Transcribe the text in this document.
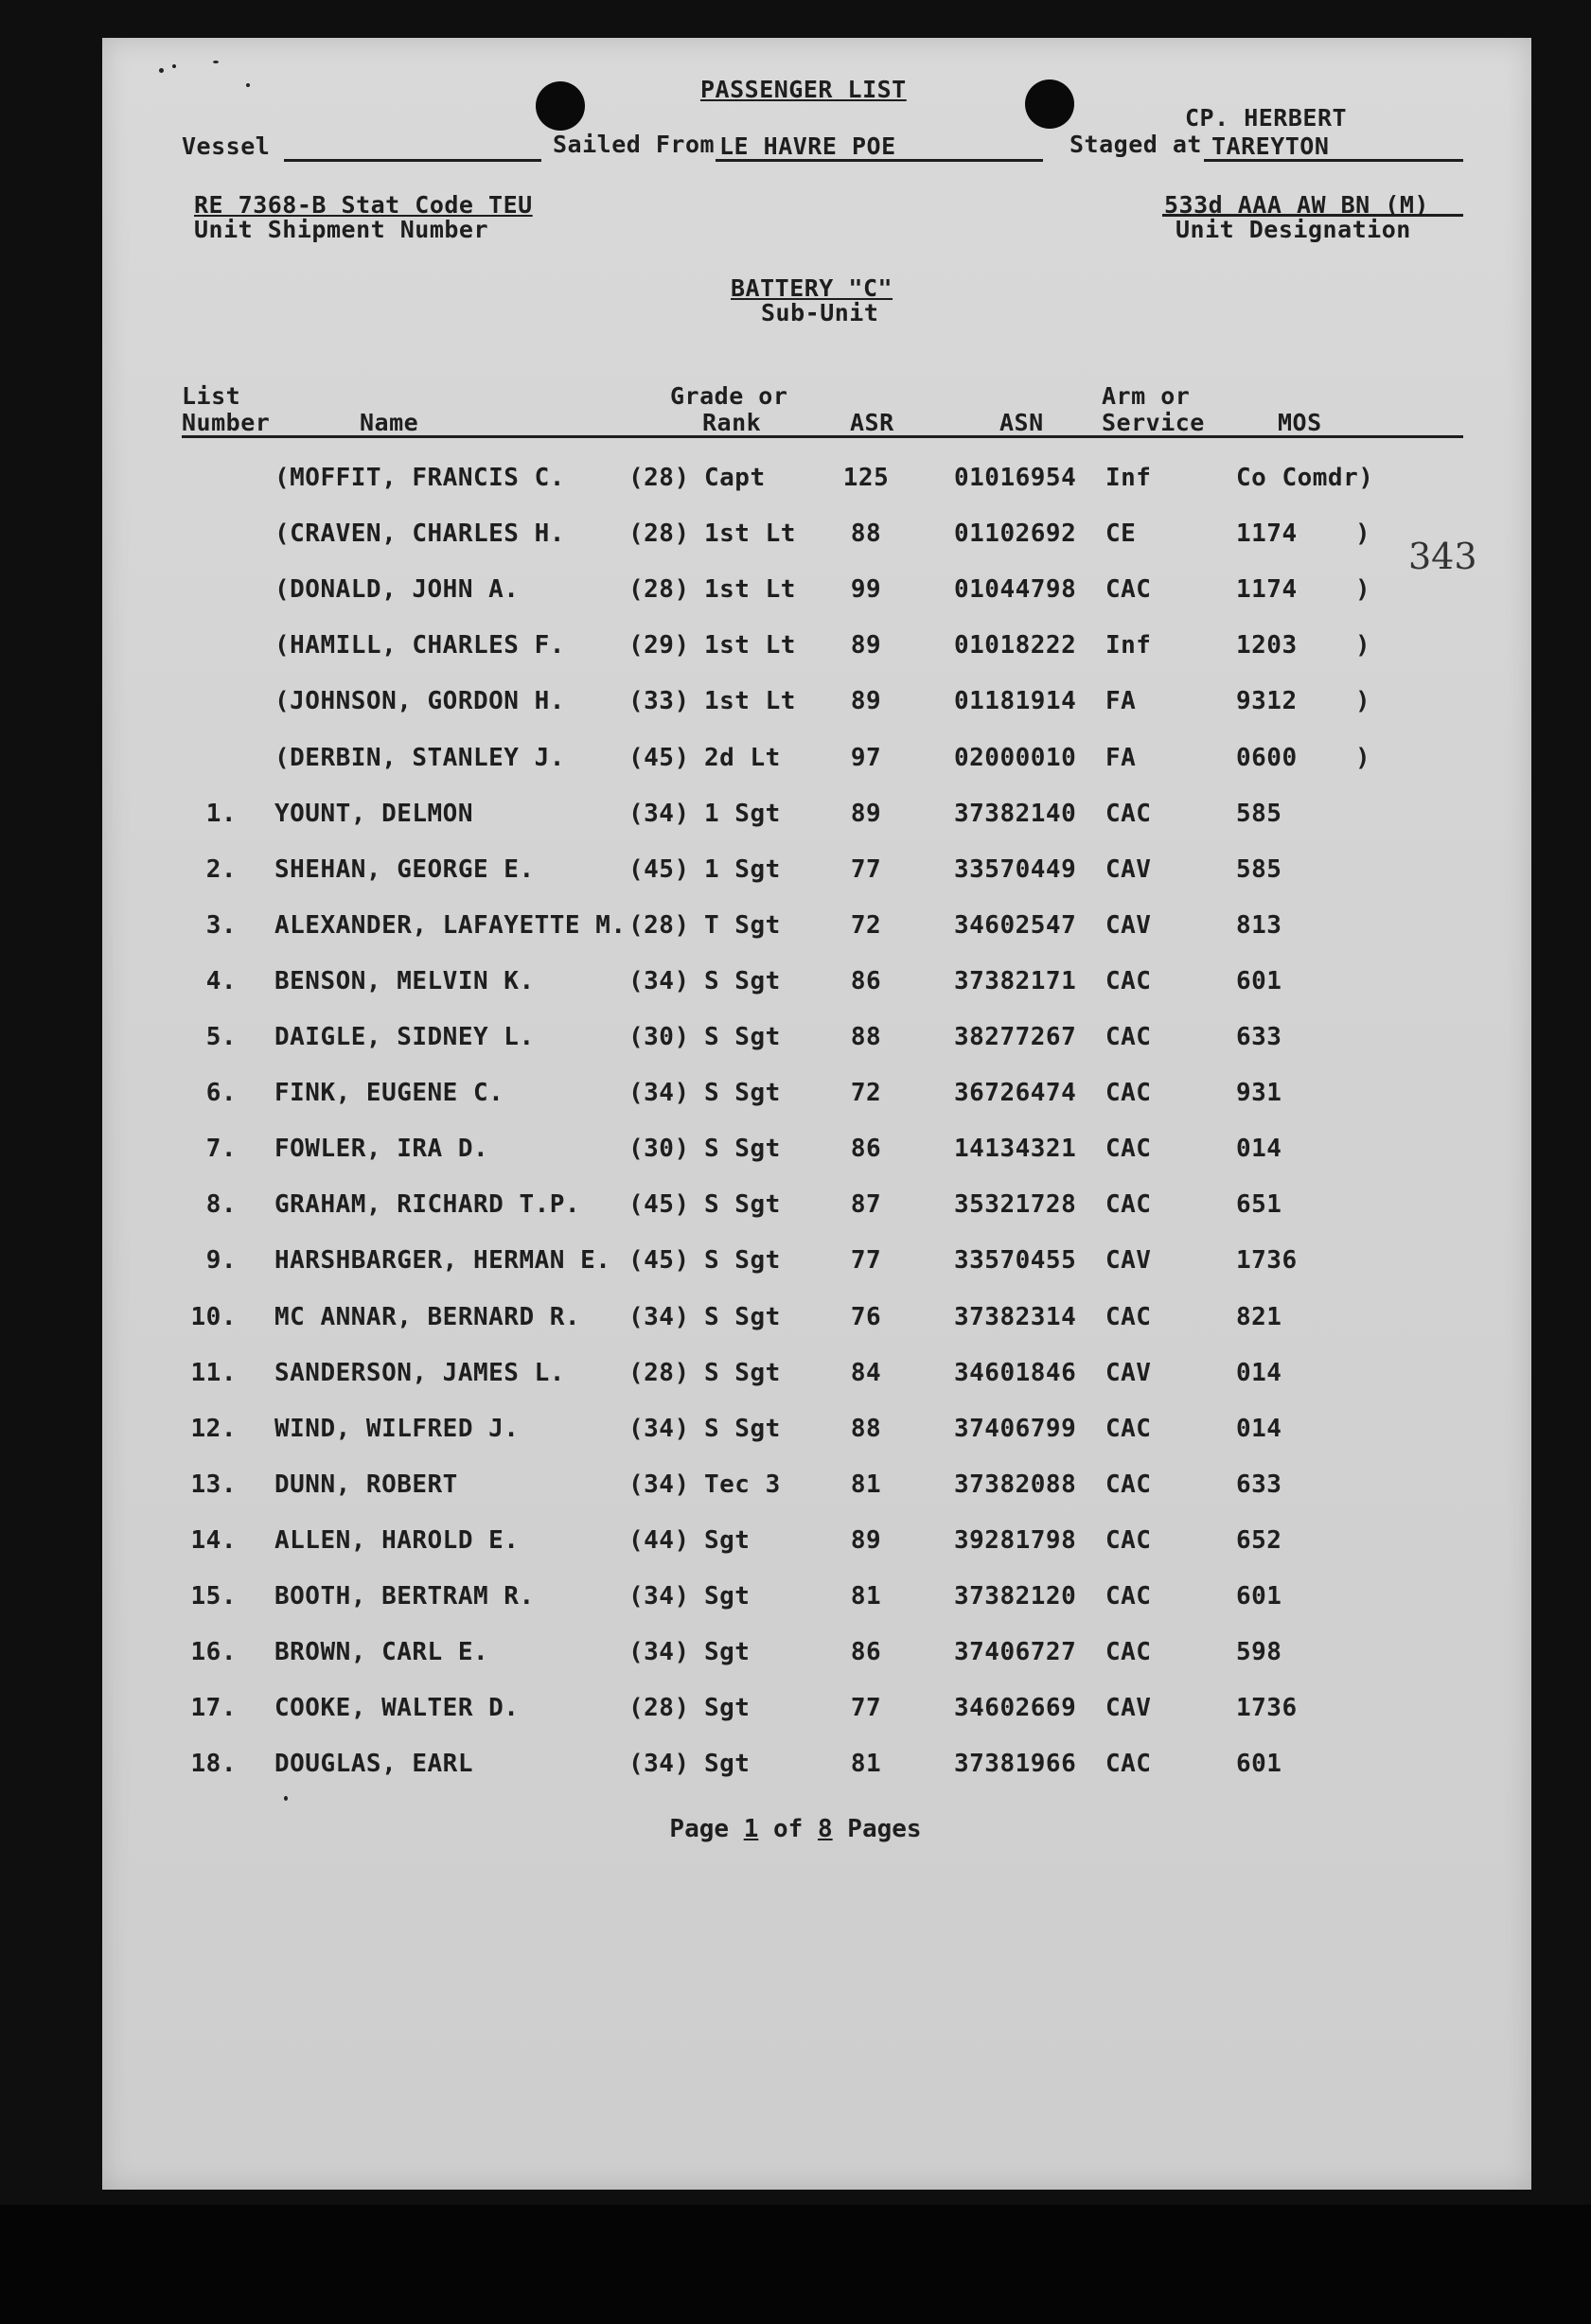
PASSENGER LIST
Vessel	Sailed From LE HAVRE POE	Staged at
CP. HERBERT
TAREYTON
RE 7368-B Stat Code TEU
Unit Shipment Number
533d AAA AW BN (M)
Unit Designation
BATTERY "C"
Sub-Unit
343
List
Number	Name
Grade or
Rank	ASR	ASN
Arm or
Service	MOS
(MOFFIT, FRANCIS C.	(28) Capt	125	01016954 Inf	Co Comdr)
(CRAVEN, CHARLES H.	(28) 1st Lt	88	01102692 CE	1174 )
(DONALD, JOHN A.	(28) 1st Lt	99	01044798 CAC	1174 )
(HAMILL, CHARLES F.	(29) 1st Lt	89	01018222 Inf	1203 )
(JOHNSON, GORDON H.	(33) 1st Lt	89	01181914 FA	9312 )
(DERBIN, STANLEY J.	(45) 2d Lt	97	02000010 FA	0600 )
1. YOUNT, DELMON	(34) 1 Sgt	89	37382140 CAC	585
2. SHEHAN, GEORGE E.	(45) 1 Sgt	77	33570449 CAV	585
3. ALEXANDER, LAFAYETTE M. (28) T Sgt	72	34602547 CAV	813
4. BENSON, MELVIN K.	(34) S Sgt	86	37382171 CAC	601
5. DAIGLE, SIDNEY L.	(30) S Sgt	88	38277267 CAC	633
6. FINK, EUGENE C.	(34) S Sgt	72	36726474 CAC	931
7. FOWLER, IRA D.	(30) S Sgt	86	14134321 CAC	014
8. GRAHAM, RICHARD T.P. (45) S Sgt	87	35321728 CAC	651
9. HARSHBARGER, HERMAN E. (45) S Sgt	77	33570455 CAV	1736
10. MC ANNAR, BERNARD R. (34) S Sgt	76	37382314 CAC	821
11. SANDERSON, JAMES L.	(28) S Sgt	84	34601846 CAV	014
12. WIND, WILFRED J.	(34) S Sgt	88	37406799 CAC	014
13. DUNN, ROBERT	(34) Tec 3	81	37382088 CAC	633
14. ALLEN, HAROLD E.	(44) Sgt	89	39281798 CAC	652
15. BOOTH, BERTRAM R.	(34) Sgt	81	37382120 CAC	601
16. BROWN, CARL E.	(34) Sgt	86	37406727 CAC	598
17. COOKE, WALTER D.	(28) Sgt	77	34602669 CAV	1736
18. DOUGLAS, EARL	(34) Sgt	81	37381966 CAC	601
Page 1 of 8 Pages
